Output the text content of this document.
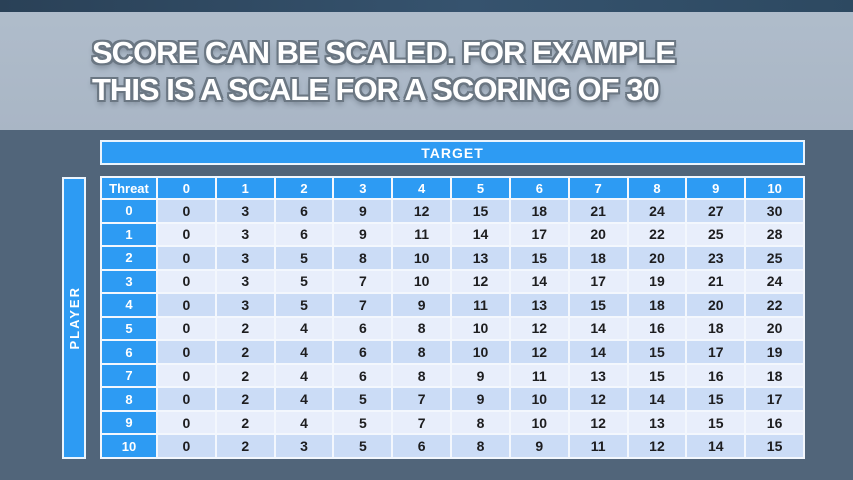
SCORE CAN BE SCALED. FOR EXAMPLE
THIS IS A SCALE FOR A SCORING OF 30
TARGET
PLAYER
Threat	0	1	2	3	4	5	6	7	8	9	10
0	0	3	6	9	12	15	18	21	24	27	30
1	0	3	6	9	11	14	17	20	22	25	28
2	0	3	5	8	10	13	15	18	20	23	25
3	0	3	5	7	10	12	14	17	19	21	24
4	0	3	5	7	9	11	13	15	18	20	22
5	0	2	4	6	8	10	12	14	16	18	20
6	0	2	4	6	8	10	12	14	15	17	19
7	0	2	4	6	8	9	11	13	15	16	18
8	0	2	4	5	7	9	10	12	14	15	17
9	0	2	4	5	7	8	10	12	13	15	16
10	0	2	3	5	6	8	9	11	12	14	15
